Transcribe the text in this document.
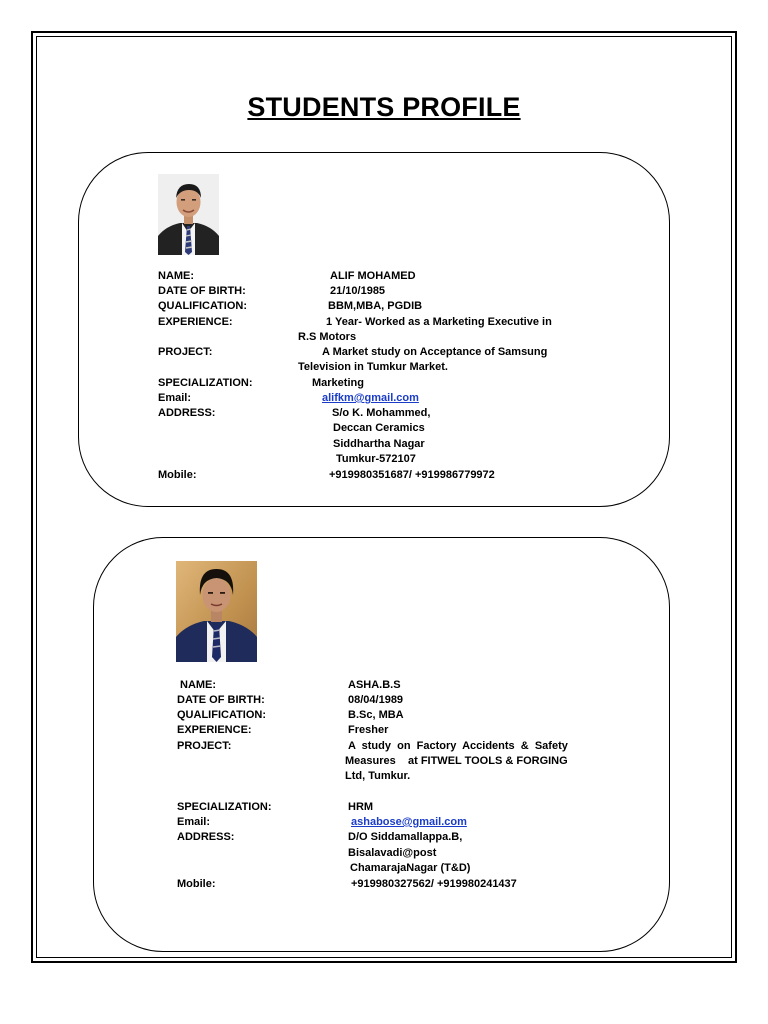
STUDENTS PROFILE
NAME:	ALIF MOHAMED
DATE OF BIRTH:	21/10/1985
QUALIFICATION:	BBM,MBA, PGDIB
EXPERIENCE:	1 Year- Worked as a Marketing Executive in
R.S Motors
PROJECT:	A Market study on Acceptance of Samsung
Television in Tumkur Market.
SPECIALIZATION:	Marketing
Email:	alifkm@gmail.com
ADDRESS:	S/o K. Mohammed,
Deccan Ceramics
Siddhartha Nagar
Tumkur-572107
Mobile:	+919980351687/ +919986779972
NAME:	ASHA.B.S
DATE OF BIRTH:	08/04/1989
QUALIFICATION:	B.Sc, MBA
EXPERIENCE:	Fresher
PROJECT:	A  study  on  Factory  Accidents  &  Safety
Measures    at FITWEL TOOLS & FORGING
Ltd, Tumkur.
SPECIALIZATION:	HRM
Email:	ashabose@gmail.com
ADDRESS:	D/O Siddamallappa.B,
Bisalavadi@post
ChamarajaNagar (T&D)
Mobile:	+919980327562/ +919980241437
